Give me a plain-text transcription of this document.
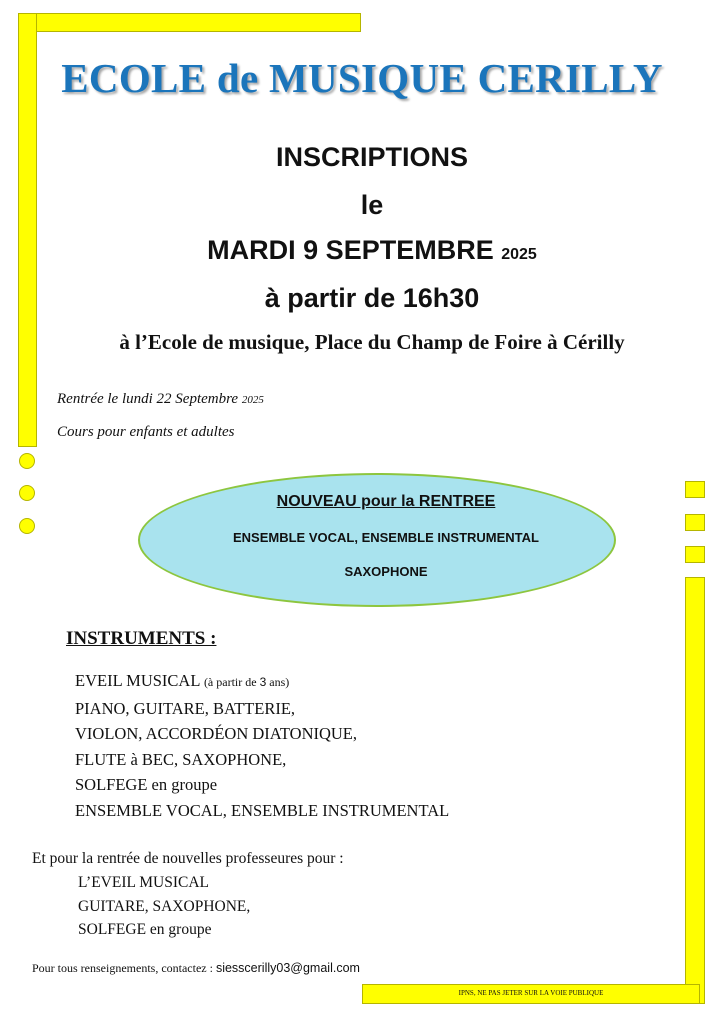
ECOLE de MUSIQUE CERILLY

INSCRIPTIONS

le

MARDI 9 SEPTEMBRE 2025

à partir de 16h30

à l’Ecole de musique, Place du Champ de Foire à Cérilly

Rentrée le lundi 22 Septembre 2025

Cours pour enfants et adultes

NOUVEAU pour la RENTREE

ENSEMBLE VOCAL, ENSEMBLE INSTRUMENTAL

SAXOPHONE

INSTRUMENTS :

EVEIL MUSICAL (à partir de 3 ans)
PIANO, GUITARE, BATTERIE,
VIOLON, ACCORDÉON DIATONIQUE,
FLUTE à BEC, SAXOPHONE,
SOLFEGE en groupe
ENSEMBLE VOCAL, ENSEMBLE INSTRUMENTAL

Et pour la rentrée de nouvelles professeures pour :

L’EVEIL MUSICAL
GUITARE, SAXOPHONE,
SOLFEGE en groupe

Pour tous renseignements, contactez : siesscerilly03@gmail.com

IPNS, NE PAS JETER SUR LA VOIE PUBLIQUE
